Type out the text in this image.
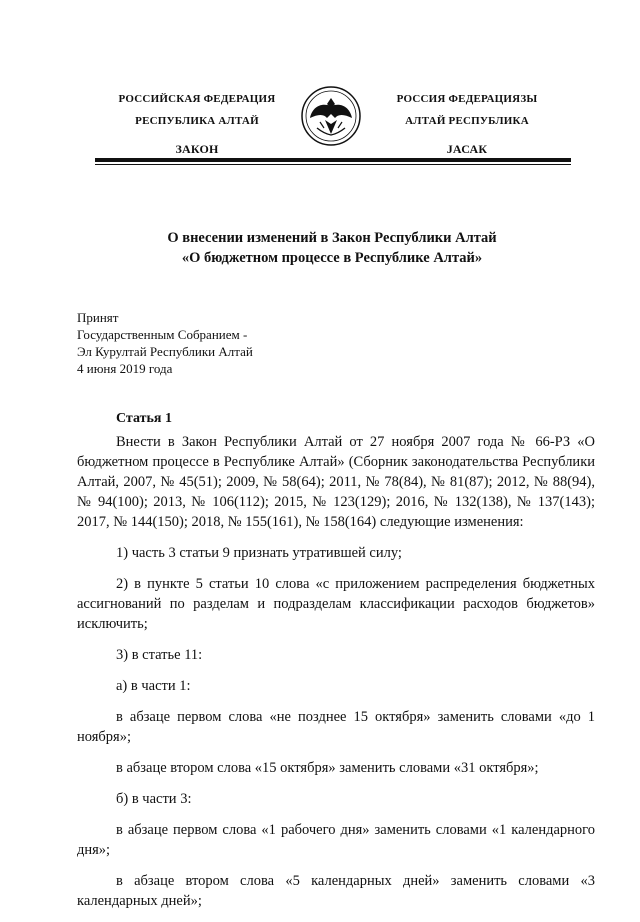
РОССИЙСКАЯ ФЕДЕРАЦИЯ
РЕСПУБЛИКА АЛТАЙ
ЗАКОН
РОССИЯ ФЕДЕРАЦИЯЗЫ
АЛТАЙ РЕСПУБЛИКА
JАСАК
О внесении изменений в Закон Республики Алтай
«О бюджетном процессе в Республике Алтай»
Принят
Государственным Собранием -
Эл Курултай Республики Алтай
4 июня 2019 года
Статья 1

Внести в Закон Республики Алтай от 27 ноября 2007 года № 66-РЗ «О бюджетном процессе в Республике Алтай» (Сборник законодательства Республики Алтай, 2007, № 45(51); 2009, № 58(64); 2011, № 78(84), № 81(87); 2012, № 88(94), № 94(100); 2013, № 106(112); 2015, № 123(129); 2016, № 132(138), № 137(143); 2017, № 144(150); 2018, № 155(161), № 158(164) следующие изменения:

1) часть 3 статьи 9 признать утратившей силу;

2) в пункте 5 статьи 10 слова «с приложением распределения бюджетных ассигнований по разделам и подразделам классификации расходов бюджетов» исключить;

3) в статье 11:

а) в части 1:

в абзаце первом слова «не позднее 15 октября» заменить словами «до 1 ноября»;

в абзаце втором слова «15 октября» заменить словами «31 октября»;

б) в части 3:

в абзаце первом слова «1 рабочего дня» заменить словами «1 календарного дня»;

в абзаце втором слова «5 календарных дней» заменить словами «3 календарных дней»;
